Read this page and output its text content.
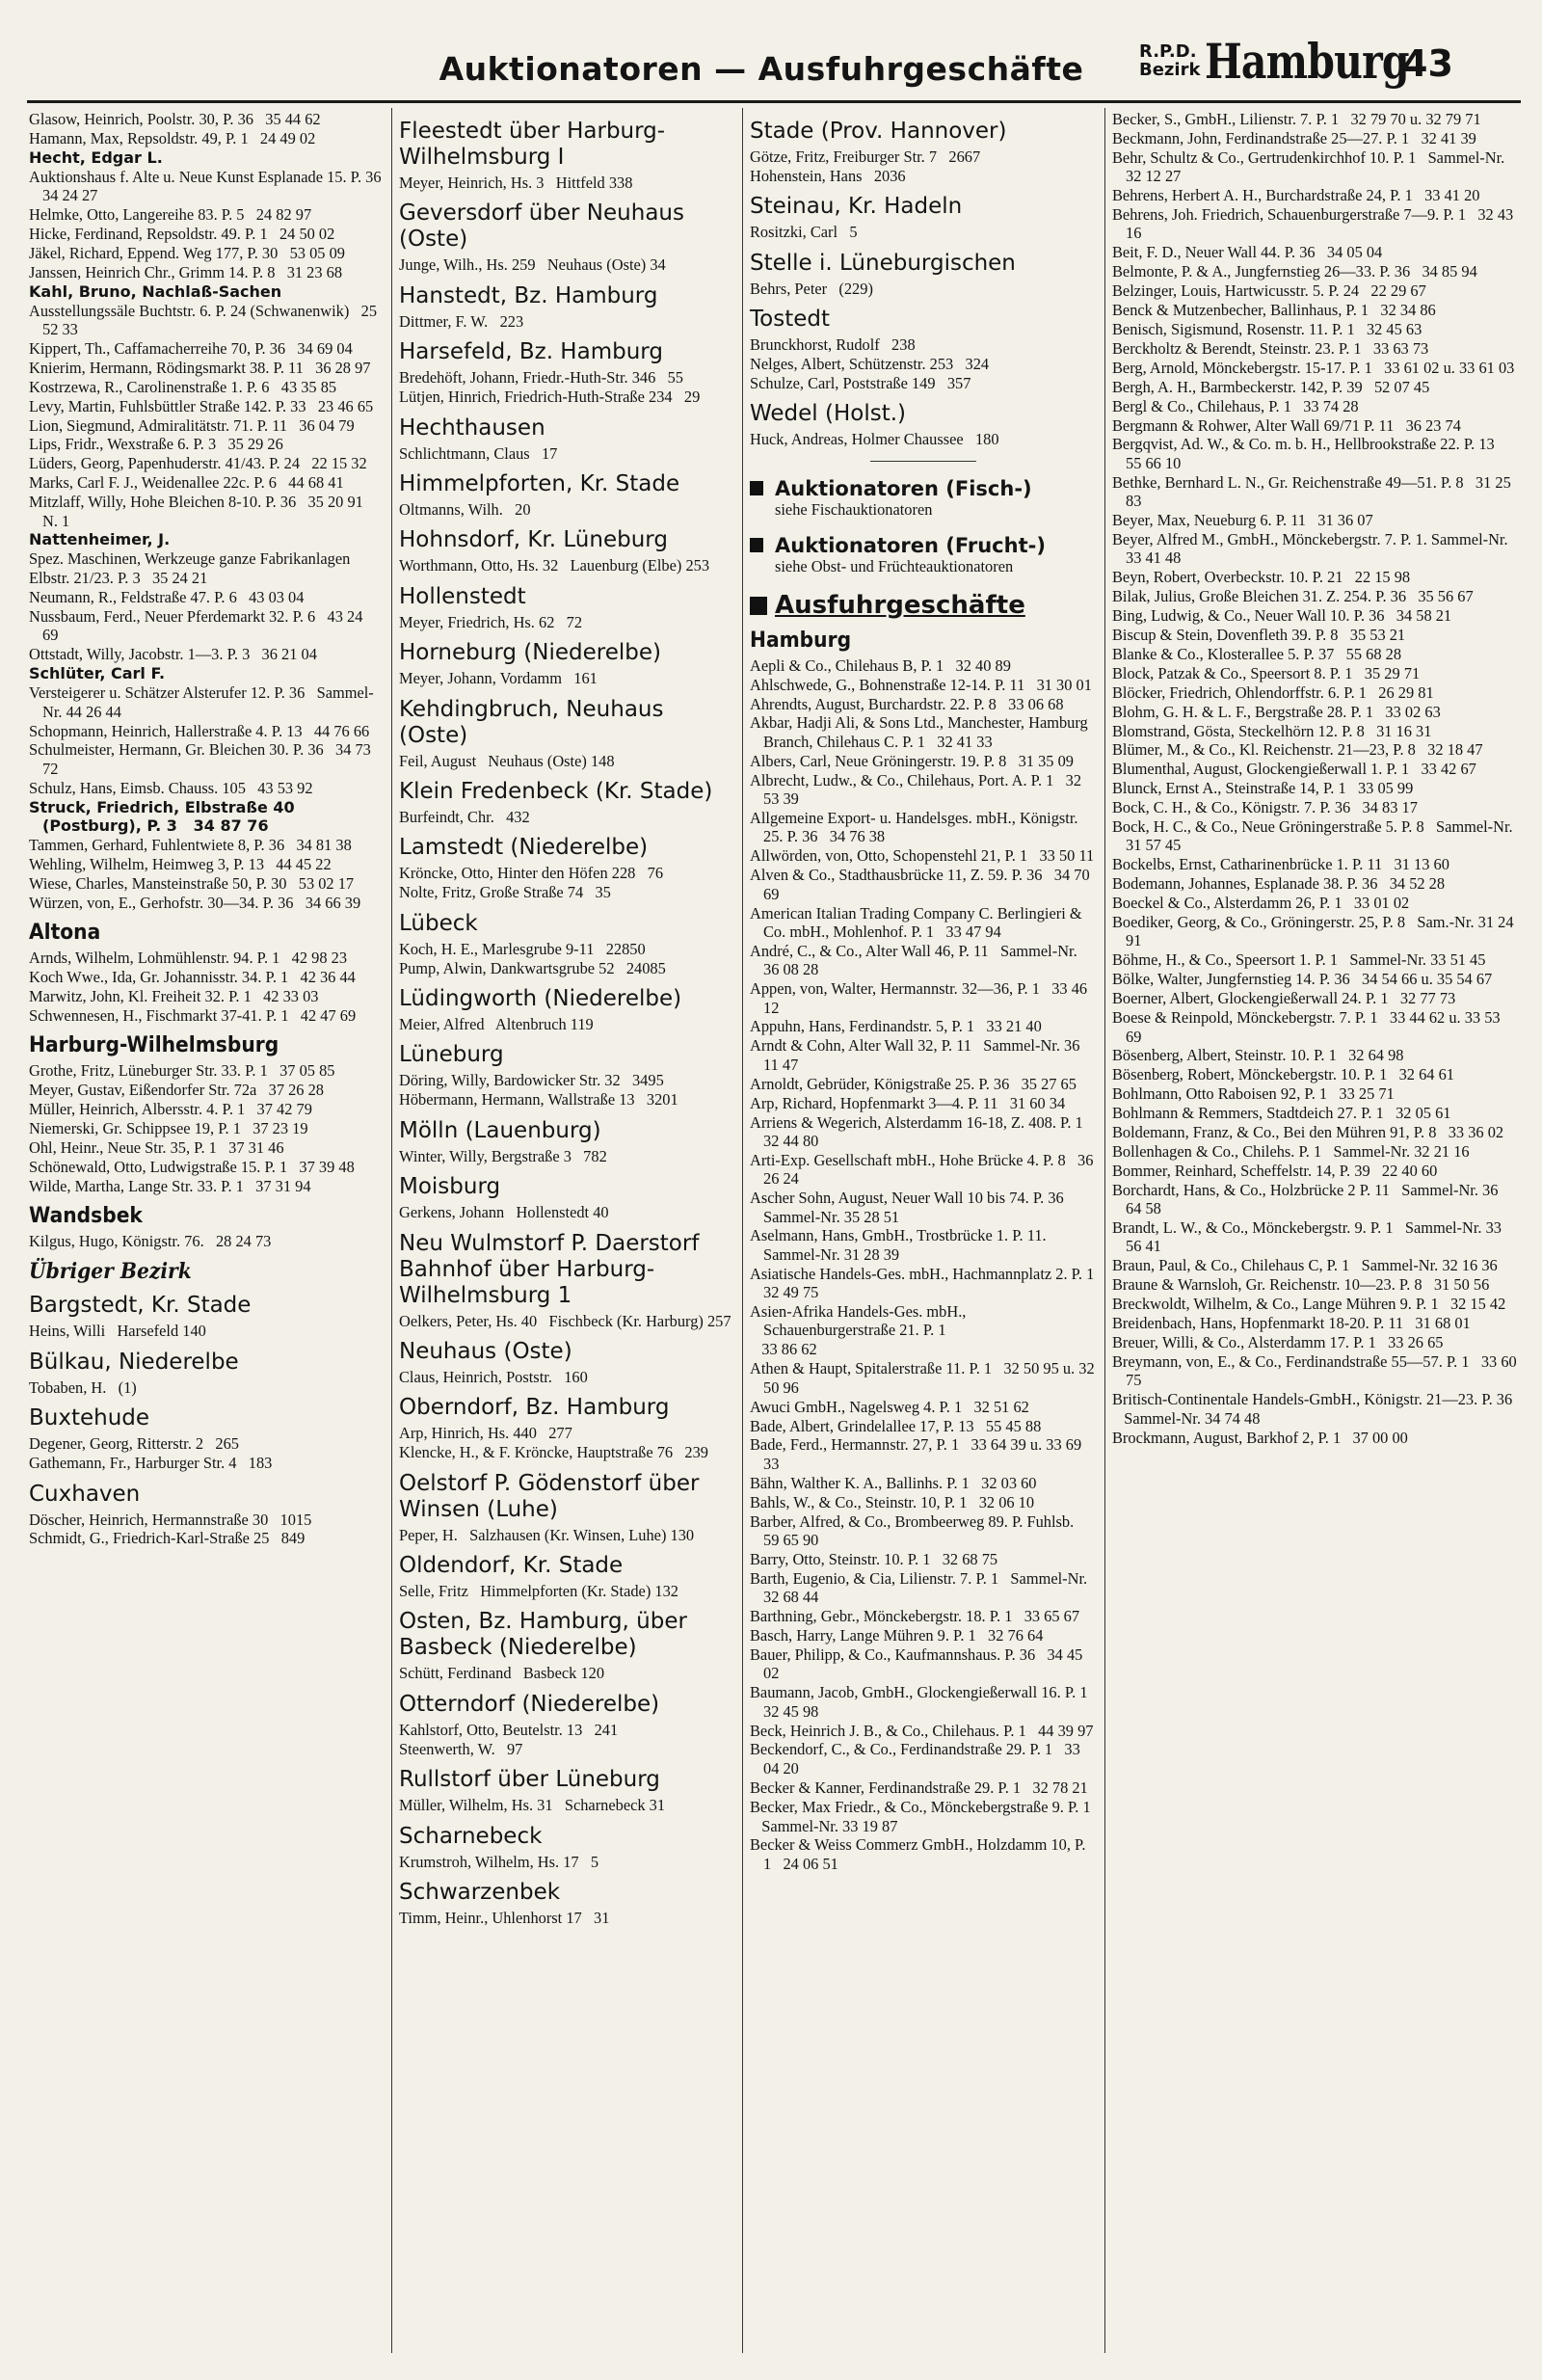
Auktionatoren — Ausfuhrgeschäfte	R.P.D.
Bezirk Hamburg
43
Glasow, Heinrich, Poolstr. 30, P. 36   35 44 62
Hamann, Max, Repsoldstr. 49, P. 1   24 49 02
Hecht, Edgar L.
Auktionshaus f. Alte u. Neue Kunst Esplanade 15. P. 36   34 24 27
Helmke, Otto, Langereihe 83. P. 5   24 82 97
Hicke, Ferdinand, Repsoldstr. 49. P. 1   24 50 02
Jäkel, Richard, Eppend. Weg 177, P. 30   53 05 09
Janssen, Heinrich Chr., Grimm 14. P. 8   31 23 68
Kahl, Bruno, Nachlaß-Sachen
Ausstellungssäle Buchtstr. 6. P. 24 (Schwanenwik)   25 52 33
Kippert, Th., Caffamacherreihe 70, P. 36   34 69 04
Knierim, Hermann, Rödingsmarkt 38. P. 11   36 28 97
Kostrzewa, R., Carolinenstraße 1. P. 6   43 35 85
Levy, Martin, Fuhlsbüttler Straße 142. P. 33   23 46 65
Lion, Siegmund, Admiralitätstr. 71. P. 11   36 04 79
Lips, Fridr., Wexstraße 6. P. 3   35 29 26
Lüders, Georg, Papenhuderstr. 41/43. P. 24   22 15 32
Marks, Carl F. J., Weidenallee 22c. P. 6   44 68 41
Mitzlaff, Willy, Hohe Bleichen 8-10. P. 36   35 20 91 N. 1
Nattenheimer, J.
Spez. Maschinen, Werkzeuge ganze Fabrikanlagen
Elbstr. 21/23. P. 3   35 24 21
Neumann, R., Feldstraße 47. P. 6   43 03 04
Nussbaum, Ferd., Neuer Pferdemarkt 32. P. 6   43 24 69
Ottstadt, Willy, Jacobstr. 1—3. P. 3   36 21 04
Schlüter, Carl F.
Versteigerer u. Schätzer Alsterufer 12. P. 36   Sammel-Nr. 44 26 44
Schopmann, Heinrich, Hallerstraße 4. P. 13   44 76 66
Schulmeister, Hermann, Gr. Bleichen 30. P. 36   34 73 72
Schulz, Hans, Eimsb. Chauss. 105   43 53 92
Struck, Friedrich, Elbstraße 40 (Postburg), P. 3   34 87 76
Tammen, Gerhard, Fuhlentwiete 8, P. 36   34 81 38
Wehling, Wilhelm, Heimweg 3, P. 13   44 45 22
Wiese, Charles, Mansteinstraße 50, P. 30   53 02 17
Würzen, von, E., Gerhofstr. 30—34. P. 36   34 66 39
Altona
Arnds, Wilhelm, Lohmühlenstr. 94. P. 1   42 98 23
Koch Wwe., Ida, Gr. Johannisstr. 34. P. 1   42 36 44
Marwitz, John, Kl. Freiheit 32. P. 1   42 33 03
Schwennesen, H., Fischmarkt 37-41. P. 1   42 47 69
Harburg-Wilhelmsburg
Grothe, Fritz, Lüneburger Str. 33. P. 1   37 05 85
Meyer, Gustav, Eißendorfer Str. 72a   37 26 28
Müller, Heinrich, Albersstr. 4. P. 1   37 42 79
Niemerski, Gr. Schippsee 19, P. 1   37 23 19
Ohl, Heinr., Neue Str. 35, P. 1   37 31 46
Schönewald, Otto, Ludwigstraße 15. P. 1   37 39 48
Wilde, Martha, Lange Str. 33. P. 1   37 31 94
Wandsbek
Kilgus, Hugo, Königstr. 76.   28 24 73
Übriger Bezirk
Bargstedt, Kr. Stade
Heins, Willi   Harsefeld 140
Bülkau, Niederelbe
Tobaben, H.   (1)
Buxtehude
Degener, Georg, Ritterstr. 2   265
Gathemann, Fr., Harburger Str. 4   183
Cuxhaven
Döscher, Heinrich, Hermannstraße 30   1015
Schmidt, G., Friedrich-Karl-Straße 25   849
Fleestedt über Harburg-Wilhelmsburg I
Meyer, Heinrich, Hs. 3   Hittfeld 338
Geversdorf über Neuhaus (Oste)
Junge, Wilh., Hs. 259   Neuhaus (Oste) 34
Hanstedt, Bz. Hamburg
Dittmer, F. W.   223
Harsefeld, Bz. Hamburg
Bredehöft, Johann, Friedr.-Huth-Str. 346   55
Lütjen, Hinrich, Friedrich-Huth-Straße 234   29
Hechthausen
Schlichtmann, Claus   17
Himmelpforten, Kr. Stade
Oltmanns, Wilh.   20
Hohnsdorf, Kr. Lüneburg
Worthmann, Otto, Hs. 32   Lauenburg (Elbe) 253
Hollenstedt
Meyer, Friedrich, Hs. 62   72
Horneburg (Niederelbe)
Meyer, Johann, Vordamm   161
Kehdingbruch, Neuhaus (Oste)
Feil, August   Neuhaus (Oste) 148
Klein Fredenbeck (Kr. Stade)
Burfeindt, Chr.   432
Lamstedt (Niederelbe)
Kröncke, Otto, Hinter den Höfen 228   76
Nolte, Fritz, Große Straße 74   35
Lübeck
Koch, H. E., Marlesgrube 9-11   22850
Pump, Alwin, Dankwartsgrube 52   24085
Lüdingworth (Niederelbe)
Meier, Alfred   Altenbruch 119
Lüneburg
Döring, Willy, Bardowicker Str. 32   3495
Höbermann, Hermann, Wallstraße 13   3201
Mölln (Lauenburg)
Winter, Willy, Bergstraße 3   782
Moisburg
Gerkens, Johann   Hollenstedt 40
Neu Wulmstorf P. Daerstorf Bahnhof über Harburg-Wilhelmsburg 1
Oelkers, Peter, Hs. 40   Fischbeck (Kr. Harburg) 257
Neuhaus (Oste)
Claus, Heinrich, Poststr.   160
Oberndorf, Bz. Hamburg
Arp, Hinrich, Hs. 440   277
Klencke, H., & F. Kröncke, Hauptstraße 76   239
Oelstorf P. Gödenstorf über Winsen (Luhe)
Peper, H.   Salzhausen (Kr. Winsen, Luhe) 130
Oldendorf, Kr. Stade
Selle, Fritz   Himmelpforten (Kr. Stade) 132
Osten, Bz. Hamburg, über Basbeck (Niederelbe)
Schütt, Ferdinand   Basbeck 120
Otterndorf (Niederelbe)
Kahlstorf, Otto, Beutelstr. 13   241
Steenwerth, W.   97
Rullstorf über Lüneburg
Müller, Wilhelm, Hs. 31   Scharnebeck 31
Scharnebeck
Krumstroh, Wilhelm, Hs. 17   5
Schwarzenbek
Timm, Heinr., Uhlenhorst 17   31
Stade (Prov. Hannover)
Götze, Fritz, Freiburger Str. 7   2667
Hohenstein, Hans   2036
Steinau, Kr. Hadeln
Rositzki, Carl   5
Stelle i. Lüneburgischen
Behrs, Peter   (229)
Tostedt
Brunckhorst, Rudolf   238
Nelges, Albert, Schützenstr. 253   324
Schulze, Carl, Poststraße 149   357
Wedel (Holst.)
Huck, Andreas, Holmer Chaussee   180
Auktionatoren (Fisch-)
siehe Fischauktionatoren
Auktionatoren (Frucht-)
siehe Obst- und Früchteauktionatoren
Ausfuhrgeschäfte
Hamburg
Aepli & Co., Chilehaus B, P. 1   32 40 89
Ahlschwede, G., Bohnenstraße 12-14. P. 11   31 30 01
Ahrendts, August, Burchardstr. 22. P. 8   33 06 68
Akbar, Hadji Ali, & Sons Ltd., Manchester, Hamburg Branch, Chilehaus C. P. 1   32 41 33
Albers, Carl, Neue Gröningerstr. 19. P. 8   31 35 09
Albrecht, Ludw., & Co., Chilehaus, Port. A. P. 1   32 53 39
Allgemeine Export- u. Handelsges. mbH., Königstr. 25. P. 36   34 76 38
Allwörden, von, Otto, Schopenstehl 21, P. 1   33 50 11
Alven & Co., Stadthausbrücke 11, Z. 59. P. 36   34 70 69
American Italian Trading Company C. Berlingieri & Co. mbH., Mohlenhof. P. 1   33 47 94
André, C., & Co., Alter Wall 46, P. 11   Sammel-Nr. 36 08 28
Appen, von, Walter, Hermannstr. 32—36, P. 1   33 46 12
Appuhn, Hans, Ferdinandstr. 5, P. 1   33 21 40
Arndt & Cohn, Alter Wall 32, P. 11   Sammel-Nr. 36 11 47
Arnoldt, Gebrüder, Königstraße 25. P. 36   35 27 65
Arp, Richard, Hopfenmarkt 3—4. P. 11   31 60 34
Arriens & Wegerich, Alsterdamm 16-18, Z. 408. P. 1   32 44 80
Arti-Exp. Gesellschaft mbH., Hohe Brücke 4. P. 8   36 26 24
Ascher Sohn, August, Neuer Wall 10 bis 74. P. 36   Sammel-Nr. 35 28 51
Aselmann, Hans, GmbH., Trostbrücke 1. P. 11. Sammel-Nr. 31 28 39
Asiatische Handels-Ges. mbH., Hachmannplatz 2. P. 1   32 49 75
Asien-Afrika Handels-Ges. mbH., Schauenburgerstraße 21. P. 1
33 86 62
Athen & Haupt, Spitalerstraße 11. P. 1   32 50 95 u. 32 50 96
Awuci GmbH., Nagelsweg 4. P. 1   32 51 62
Bade, Albert, Grindelallee 17, P. 13   55 45 88
Bade, Ferd., Hermannstr. 27, P. 1   33 64 39 u. 33 69 33
Bähn, Walther K. A., Ballinhs. P. 1   32 03 60
Bahls, W., & Co., Steinstr. 10, P. 1   32 06 10
Barber, Alfred, & Co., Brombeerweg 89. P. Fuhlsb.   59 65 90
Barry, Otto, Steinstr. 10. P. 1   32 68 75
Barth, Eugenio, & Cia, Lilienstr. 7. P. 1   Sammel-Nr. 32 68 44
Barthning, Gebr., Mönckebergstr. 18. P. 1   33 65 67
Basch, Harry, Lange Mühren 9. P. 1   32 76 64
Bauer, Philipp, & Co., Kaufmannshaus. P. 36   34 45 02
Baumann, Jacob, GmbH., Glockengießerwall 16. P. 1   32 45 98
Beck, Heinrich J. B., & Co., Chilehaus. P. 1   44 39 97
Beckendorf, C., & Co., Ferdinandstraße 29. P. 1   33 04 20
Becker & Kanner, Ferdinandstraße 29. P. 1   32 78 21
Becker, Max Friedr., & Co., Mönckebergstraße 9. P. 1
Sammel-Nr. 33 19 87
Becker & Weiss Commerz GmbH., Holzdamm 10, P. 1   24 06 51
Becker, S., GmbH., Lilienstr. 7. P. 1   32 79 70 u. 32 79 71
Beckmann, John, Ferdinandstraße 25—27. P. 1   32 41 39
Behr, Schultz & Co., Gertrudenkirchhof 10. P. 1   Sammel-Nr. 32 12 27
Behrens, Herbert A. H., Burchardstraße 24, P. 1   33 41 20
Behrens, Joh. Friedrich, Schauenburgerstraße 7—9. P. 1   32 43 16
Beit, F. D., Neuer Wall 44. P. 36   34 05 04
Belmonte, P. & A., Jungfernstieg 26—33. P. 36   34 85 94
Belzinger, Louis, Hartwicusstr. 5. P. 24   22 29 67
Benck & Mutzenbecher, Ballinhaus, P. 1   32 34 86
Benisch, Sigismund, Rosenstr. 11. P. 1   32 45 63
Berckholtz & Berendt, Steinstr. 23. P. 1   33 63 73
Berg, Arnold, Mönckebergstr. 15-17. P. 1   33 61 02 u. 33 61 03
Bergh, A. H., Barmbeckerstr. 142, P. 39   52 07 45
Bergl & Co., Chilehaus, P. 1   33 74 28
Bergmann & Rohwer, Alter Wall 69/71 P. 11   36 23 74
Bergqvist, Ad. W., & Co. m. b. H., Hellbrookstraße 22. P. 13   55 66 10
Bethke, Bernhard L. N., Gr. Reichenstraße 49—51. P. 8   31 25 83
Beyer, Max, Neueburg 6. P. 11   31 36 07
Beyer, Alfred M., GmbH., Mönckebergstr. 7. P. 1. Sammel-Nr. 33 41 48
Beyn, Robert, Overbeckstr. 10. P. 21   22 15 98
Bilak, Julius, Große Bleichen 31. Z. 254. P. 36   35 56 67
Bing, Ludwig, & Co., Neuer Wall 10. P. 36   34 58 21
Biscup & Stein, Dovenfleth 39. P. 8   35 53 21
Blanke & Co., Klosterallee 5. P. 37   55 68 28
Block, Patzak & Co., Speersort 8. P. 1   35 29 71
Blöcker, Friedrich, Ohlendorffstr. 6. P. 1   26 29 81
Blohm, G. H. & L. F., Bergstraße 28. P. 1   33 02 63
Blomstrand, Gösta, Steckelhörn 12. P. 8   31 16 31
Blümer, M., & Co., Kl. Reichenstr. 21—23, P. 8   32 18 47
Blumenthal, August, Glockengießerwall 1. P. 1   33 42 67
Blunck, Ernst A., Steinstraße 14, P. 1   33 05 99
Bock, C. H., & Co., Königstr. 7. P. 36   34 83 17
Bock, H. C., & Co., Neue Gröningerstraße 5. P. 8   Sammel-Nr. 31 57 45
Bockelbs, Ernst, Catharinenbrücke 1. P. 11   31 13 60
Bodemann, Johannes, Esplanade 38. P. 36   34 52 28
Boeckel & Co., Alsterdamm 26, P. 1   33 01 02
Boediker, Georg, & Co., Gröningerstr. 25, P. 8   Sam.-Nr. 31 24 91
Böhme, H., & Co., Speersort 1. P. 1   Sammel-Nr. 33 51 45
Bölke, Walter, Jungfernstieg 14. P. 36   34 54 66 u. 35 54 67
Boerner, Albert, Glockengießerwall 24. P. 1   32 77 73
Boese & Reinpold, Mönckebergstr. 7. P. 1   33 44 62 u. 33 53 69
Bösenberg, Albert, Steinstr. 10. P. 1   32 64 98
Bösenberg, Robert, Mönckebergstr. 10. P. 1   32 64 61
Bohlmann, Otto Raboisen 92, P. 1   33 25 71
Bohlmann & Remmers, Stadtdeich 27. P. 1   32 05 61
Boldemann, Franz, & Co., Bei den Mühren 91, P. 8   33 36 02
Bollenhagen & Co., Chilehs. P. 1   Sammel-Nr. 32 21 16
Bommer, Reinhard, Scheffelstr. 14, P. 39   22 40 60
Borchardt, Hans, & Co., Holzbrücke 2 P. 11   Sammel-Nr. 36 64 58
Brandt, L. W., & Co., Mönckebergstr. 9. P. 1   Sammel-Nr. 33 56 41
Braun, Paul, & Co., Chilehaus C, P. 1   Sammel-Nr. 32 16 36
Braune & Warnsloh, Gr. Reichenstr. 10—23. P. 8   31 50 56
Breckwoldt, Wilhelm, & Co., Lange Mühren 9. P. 1   32 15 42
Breidenbach, Hans, Hopfenmarkt 18-20. P. 11   31 68 01
Breuer, Willi, & Co., Alsterdamm 17. P. 1   33 26 65
Breymann, von, E., & Co., Ferdinandstraße 55—57. P. 1   33 60 75
Britisch-Continentale Handels-GmbH., Königstr. 21—23. P. 36
Sammel-Nr. 34 74 48
Brockmann, August, Barkhof 2, P. 1   37 00 00
